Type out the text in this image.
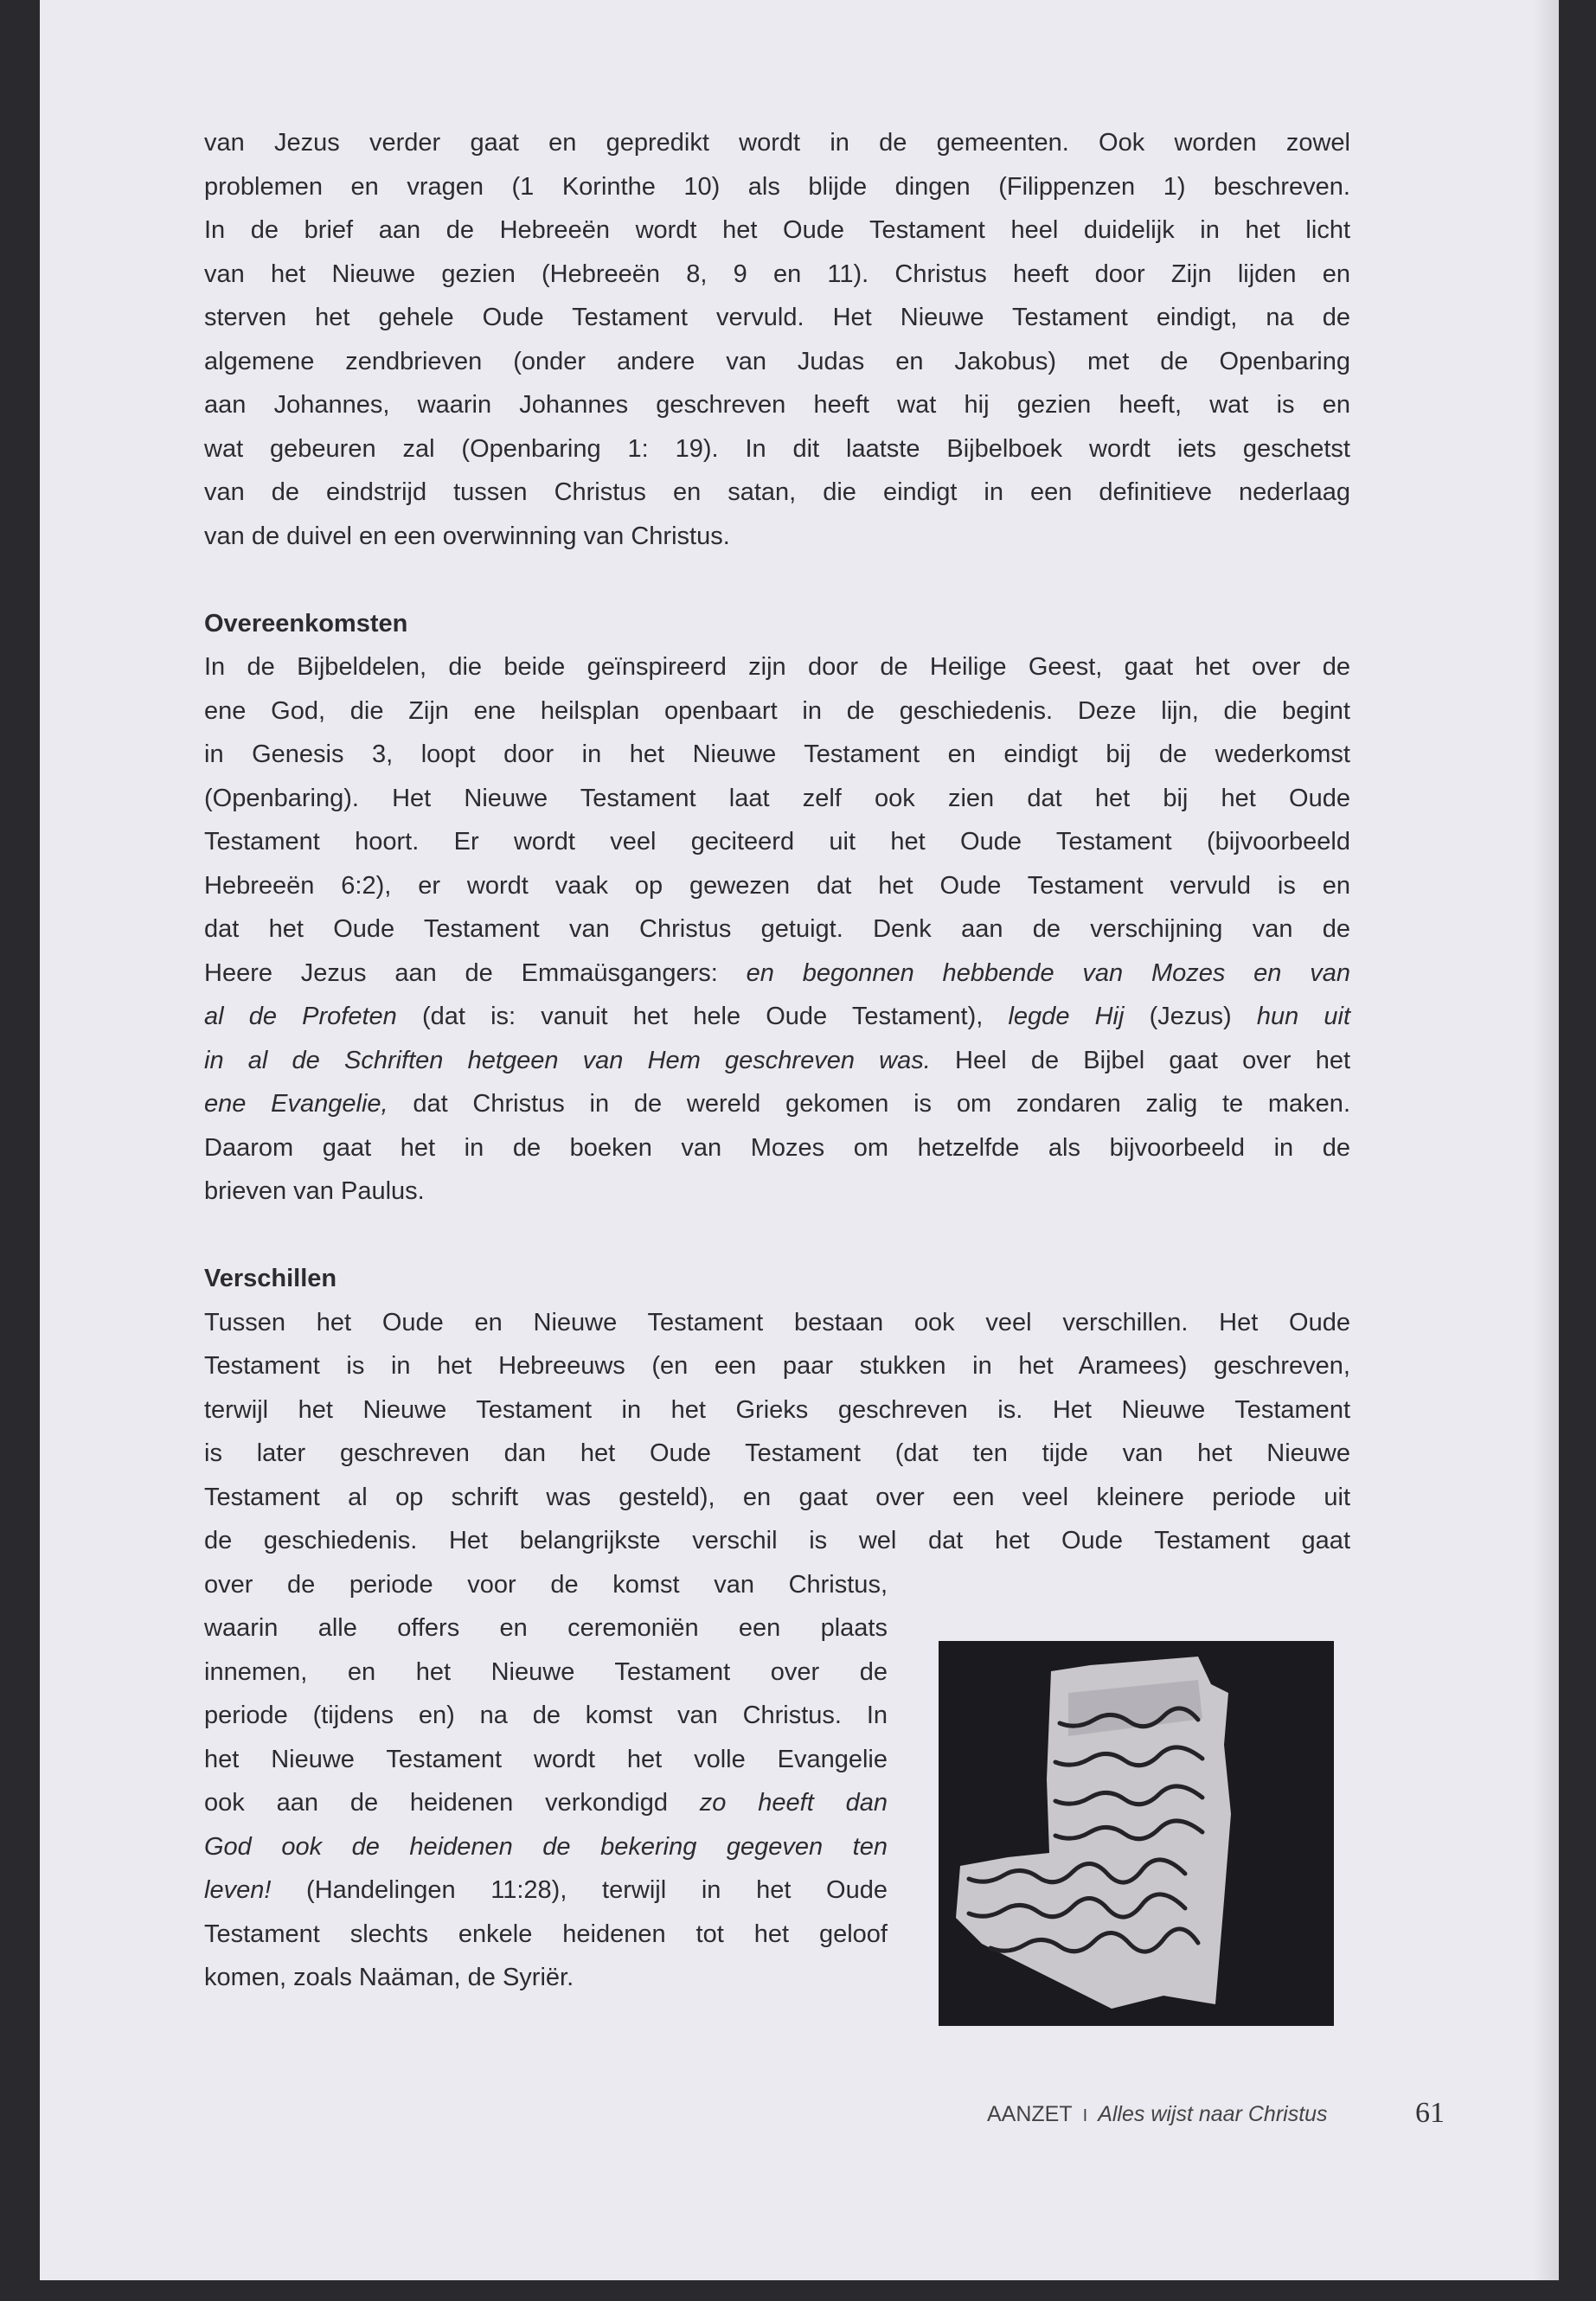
van Jezus verder gaat en gepredikt wordt in de gemeenten. Ook worden zowel
problemen en vragen (1 Korinthe 10) als blijde dingen (Filippenzen 1) beschreven.
In de brief aan de Hebreeën wordt het Oude Testament heel duidelijk in het licht
van het Nieuwe gezien (Hebreeën 8, 9 en 11). Christus heeft door Zijn lijden en
sterven het gehele Oude Testament vervuld. Het Nieuwe Testament eindigt, na de
algemene zendbrieven (onder andere van Judas en Jakobus) met de Openbaring
aan Johannes, waarin Johannes geschreven heeft wat hij gezien heeft, wat is en
wat gebeuren zal (Openbaring 1: 19). In dit laatste Bijbelboek wordt iets geschetst
van de eindstrijd tussen Christus en satan, die eindigt in een definitieve nederlaag
van de duivel en een overwinning van Christus.
Overeenkomsten
In de Bijbeldelen, die beide geïnspireerd zijn door de Heilige Geest, gaat het over de
ene God, die Zijn ene heilsplan openbaart in de geschiedenis. Deze lijn, die begint
in Genesis 3, loopt door in het Nieuwe Testament en eindigt bij de wederkomst
(Openbaring). Het Nieuwe Testament laat zelf ook zien dat het bij het Oude
Testament hoort. Er wordt veel geciteerd uit het Oude Testament (bijvoorbeeld
Hebreeën 6:2), er wordt vaak op gewezen dat het Oude Testament vervuld is en
dat het Oude Testament van Christus getuigt. Denk aan de verschijning van de
Heere Jezus aan de Emmaüsgangers: en begonnen hebbende van Mozes en van
al de Profeten (dat is: vanuit het hele Oude Testament), legde Hij (Jezus) hun uit
in al de Schriften hetgeen van Hem geschreven was. Heel de Bijbel gaat over het
ene Evangelie, dat Christus in de wereld gekomen is om zondaren zalig te maken.
Daarom gaat het in de boeken van Mozes om hetzelfde als bijvoorbeeld in de
brieven van Paulus.
Verschillen
Tussen het Oude en Nieuwe Testament bestaan ook veel verschillen. Het Oude
Testament is in het Hebreeuws (en een paar stukken in het Aramees) geschreven,
terwijl het Nieuwe Testament in het Grieks geschreven is. Het Nieuwe Testament
is later geschreven dan het Oude Testament (dat ten tijde van het Nieuwe
Testament al op schrift was gesteld), en gaat over een veel kleinere periode uit
de geschiedenis. Het belangrijkste verschil is wel dat het Oude Testament gaat
over de periode voor de komst van Christus,
waarin alle offers en ceremoniën een plaats
innemen, en het Nieuwe Testament over de
periode (tijdens en) na de komst van Christus. In
het Nieuwe Testament wordt het volle Evangelie
ook aan de heidenen verkondigd zo heeft dan
God ook de heidenen de bekering gegeven ten
leven! (Handelingen 11:28), terwijl in het Oude
Testament slechts enkele heidenen tot het geloof
komen, zoals Naäman, de Syriër.
AANZET I Alles wijst naar Christus	61
